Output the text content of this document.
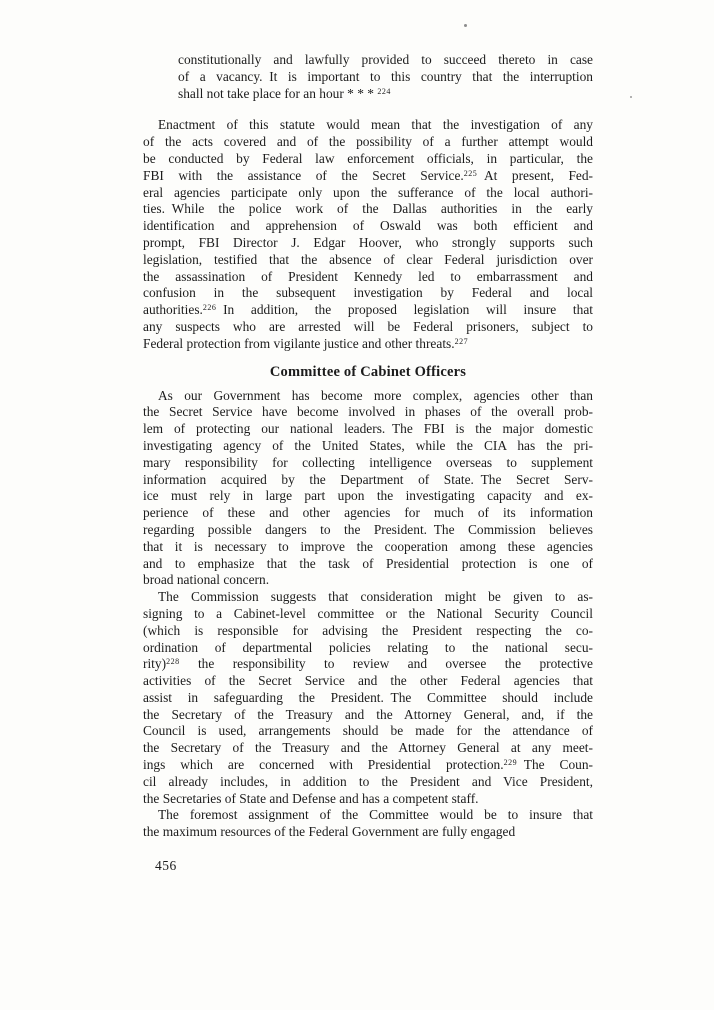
constitutionally and lawfully provided to succeed thereto in case
of a vacancy. It is important to this country that the interruption
shall not take place for an hour * * * $^{224}$
Enactment of this statute would mean that the investigation of any
of the acts covered and of the possibility of a further attempt would
be conducted by Federal law enforcement officials, in particular, the
FBI with the assistance of the Secret Service.$^{225}$ At present, Fed-
eral agencies participate only upon the sufferance of the local authori-
ties. While the police work of the Dallas authorities in the early
identification and apprehension of Oswald was both efficient and
prompt, FBI Director J. Edgar Hoover, who strongly supports such
legislation, testified that the absence of clear Federal jurisdiction over
the assassination of President Kennedy led to embarrassment and
confusion in the subsequent investigation by Federal and local
authorities.$^{226}$ In addition, the proposed legislation will insure that
any suspects who are arrested will be Federal prisoners, subject to
Federal protection from vigilante justice and other threats.$^{227}$
Committee of Cabinet Officers
As our Government has become more complex, agencies other than
the Secret Service have become involved in phases of the overall prob-
lem of protecting our national leaders. The FBI is the major domestic
investigating agency of the United States, while the CIA has the pri-
mary responsibility for collecting intelligence overseas to supplement
information acquired by the Department of State. The Secret Serv-
ice must rely in large part upon the investigating capacity and ex-
perience of these and other agencies for much of its information
regarding possible dangers to the President. The Commission believes
that it is necessary to improve the cooperation among these agencies
and to emphasize that the task of Presidential protection is one of
broad national concern.
The Commission suggests that consideration might be given to as-
signing to a Cabinet-level committee or the National Security Council
(which is responsible for advising the President respecting the co-
ordination of departmental policies relating to the national secu-
rity)$^{228}$ the responsibility to review and oversee the protective
activities of the Secret Service and the other Federal agencies that
assist in safeguarding the President. The Committee should include
the Secretary of the Treasury and the Attorney General, and, if the
Council is used, arrangements should be made for the attendance of
the Secretary of the Treasury and the Attorney General at any meet-
ings which are concerned with Presidential protection.$^{229}$ The Coun-
cil already includes, in addition to the President and Vice President,
the Secretaries of State and Defense and has a competent staff.
The foremost assignment of the Committee would be to insure that
the maximum resources of the Federal Government are fully engaged
456
